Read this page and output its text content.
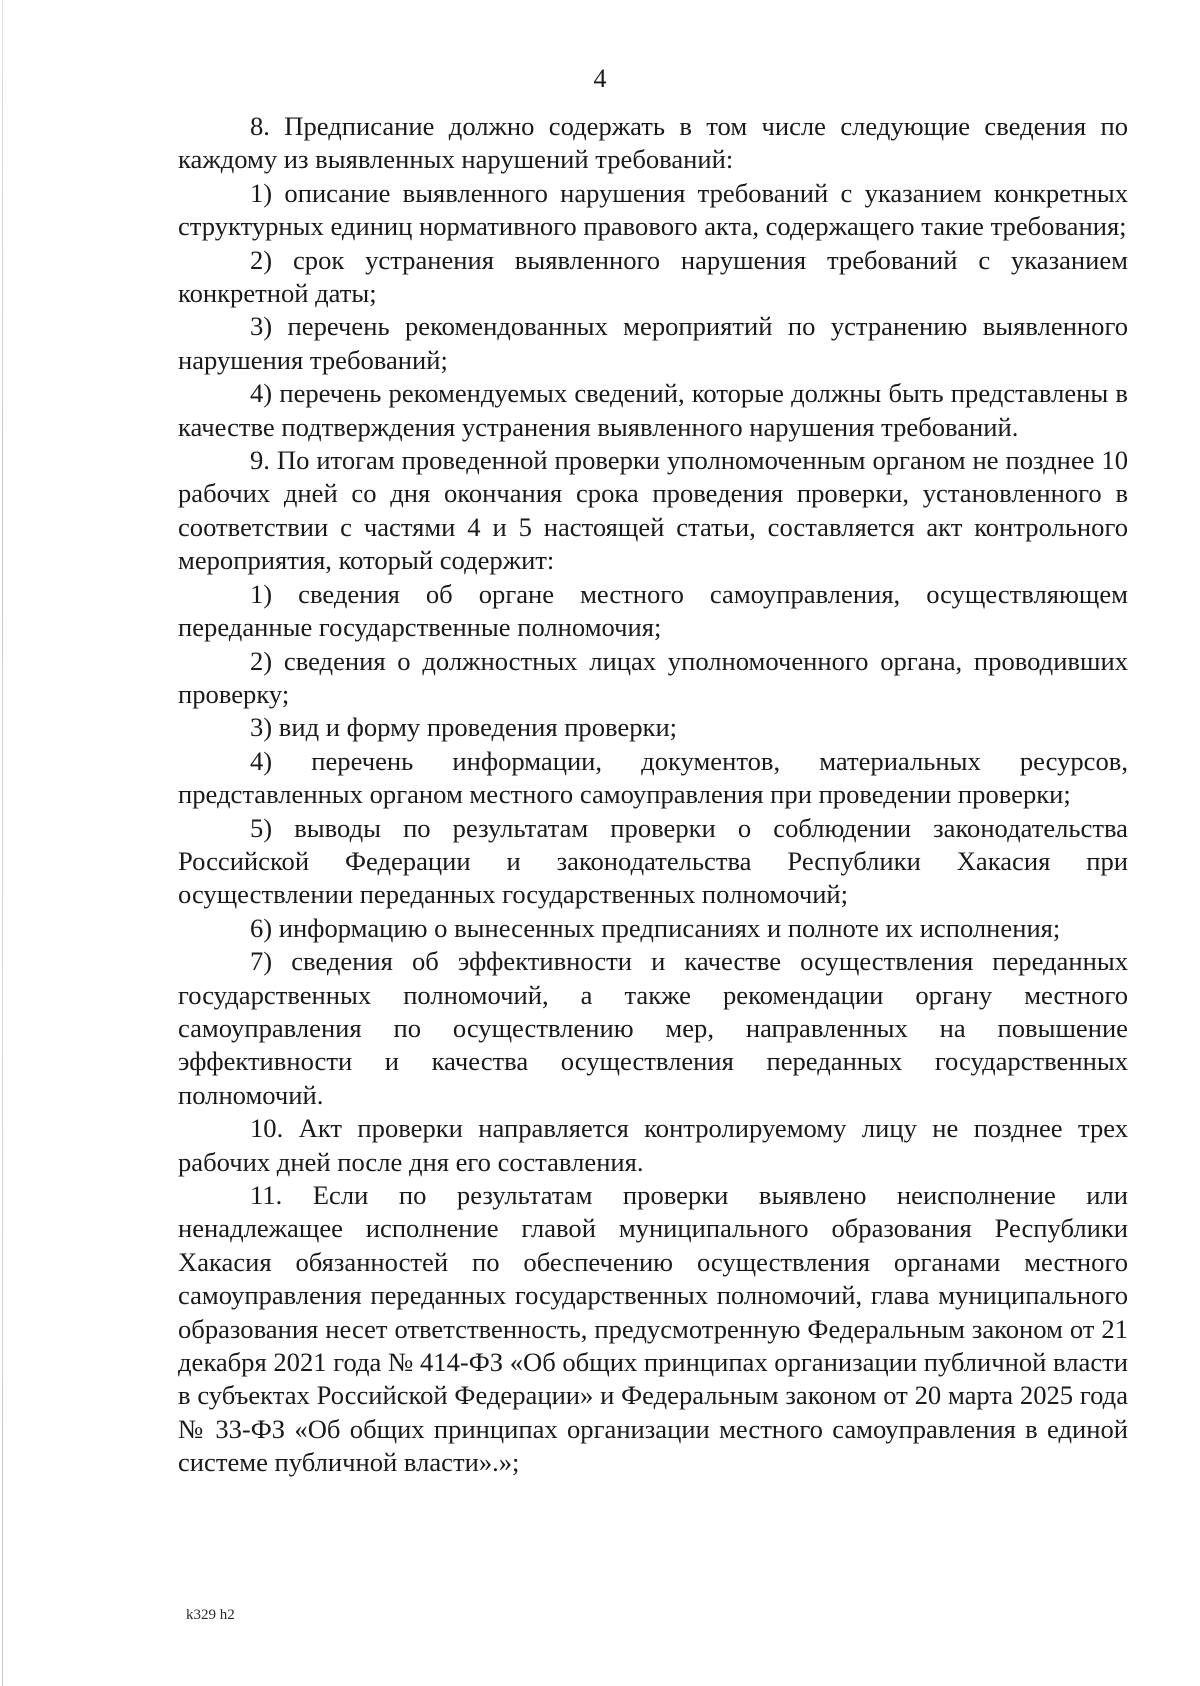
4

8. Предписание должно содержать в том числе следующие сведения по каждому из выявленных нарушений требований:

1) описание выявленного нарушения требований с указанием конкретных структурных единиц нормативного правового акта, содержащего такие требования;

2) срок устранения выявленного нарушения требований с указанием конкретной даты;

3) перечень рекомендованных мероприятий по устранению выявленного нарушения требований;

4) перечень рекомендуемых сведений, которые должны быть представлены в качестве подтверждения устранения выявленного нарушения требований.

9. По итогам проведенной проверки уполномоченным органом не позднее 10 рабочих дней со дня окончания срока проведения проверки, установленного в соответствии с частями 4 и 5 настоящей статьи, составляется акт контрольного мероприятия, который содержит:

1) сведения об органе местного самоуправления, осуществляющем переданные государственные полномочия;

2) сведения о должностных лицах уполномоченного органа, проводивших проверку;

3) вид и форму проведения проверки;

4) перечень информации, документов, материальных ресурсов, представленных органом местного самоуправления при проведении проверки;

5) выводы по результатам проверки о соблюдении законодательства Российской Федерации и законодательства Республики Хакасия при осуществлении переданных государственных полномочий;

6) информацию о вынесенных предписаниях и полноте их исполнения;

7) сведения об эффективности и качестве осуществления переданных государственных полномочий, а также рекомендации органу местного самоуправления по осуществлению мер, направленных на повышение эффективности и качества осуществления переданных государственных полномочий.

10. Акт проверки направляется контролируемому лицу не позднее трех рабочих дней после дня его составления.

11. Если по результатам проверки выявлено неисполнение или ненадлежащее исполнение главой муниципального образования Республики Хакасия обязанностей по обеспечению осуществления органами местного самоуправления переданных государственных полномочий, глава муниципального образования несет ответственность, предусмотренную Федеральным законом от 21 декабря 2021 года № 414-ФЗ «Об общих принципах организации публичной власти в субъектах Российской Федерации» и Федеральным законом от 20 марта 2025 года № 33-ФЗ «Об общих принципах организации местного самоуправления в единой системе публичной власти».»;

k329 h2
